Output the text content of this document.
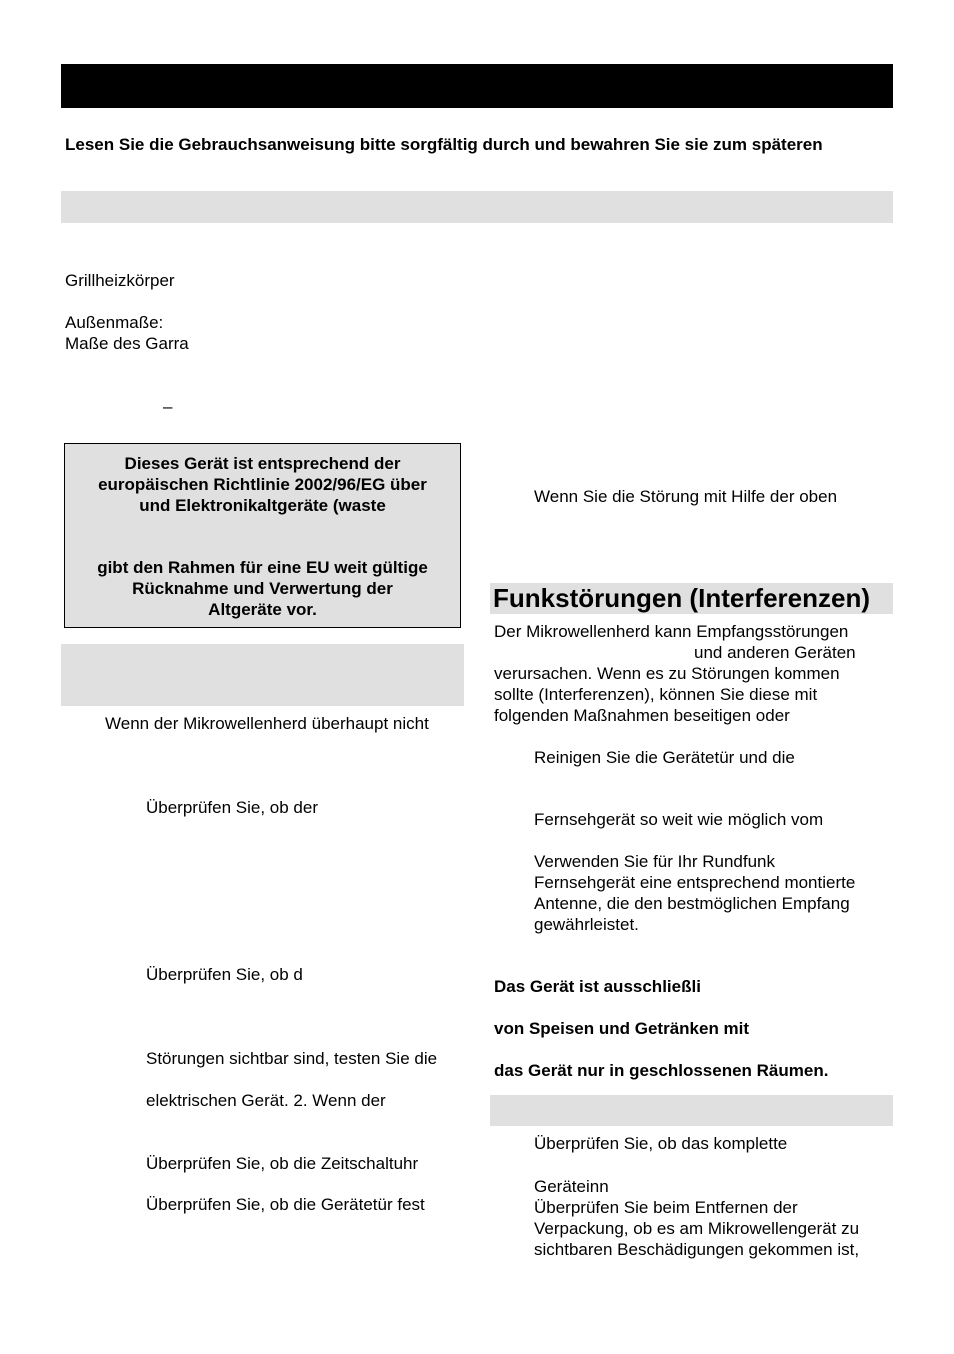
Lesen Sie die Gebrauchsanweisung bitte sorgfältig durch und bewahren Sie sie zum späteren
Grillheizkörper
Außenmaße:
Maße des Garra
–
Dieses Gerät ist entsprechend der
europäischen Richtlinie 2002/96/EG über
und Elektronikaltgeräte (waste
gibt den Rahmen für eine EU weit gültige
Rücknahme und Verwertung der
Altgeräte vor.
Wenn der Mikrowellenherd überhaupt nicht
Überprüfen Sie, ob der
Überprüfen Sie, ob d
Störungen sichtbar sind, testen Sie die
elektrischen Gerät. 2. Wenn der
Überprüfen Sie, ob die Zeitschaltuhr
Überprüfen Sie, ob die Gerätetür fest
Wenn Sie die Störung mit Hilfe der oben
Funkstörungen (Interferenzen)
Der Mikrowellenherd kann Empfangsstörungen
und anderen Geräten
verursachen. Wenn es zu Störungen kommen
sollte (Interferenzen), können Sie diese mit
folgenden Maßnahmen beseitigen oder
Reinigen Sie die Gerätetür und die
Fernsehgerät so weit wie möglich vom
Verwenden Sie für Ihr Rundfunk
Fernsehgerät eine entsprechend montierte
Antenne, die den bestmöglichen Empfang
gewährleistet.
Das Gerät ist ausschließli
von Speisen und Getränken mit
das Gerät nur in geschlossenen Räumen.
Überprüfen Sie, ob das komplette
Geräteinn
Überprüfen Sie beim Entfernen der
Verpackung, ob es am Mikrowellengerät zu
sichtbaren Beschädigungen gekommen ist,
